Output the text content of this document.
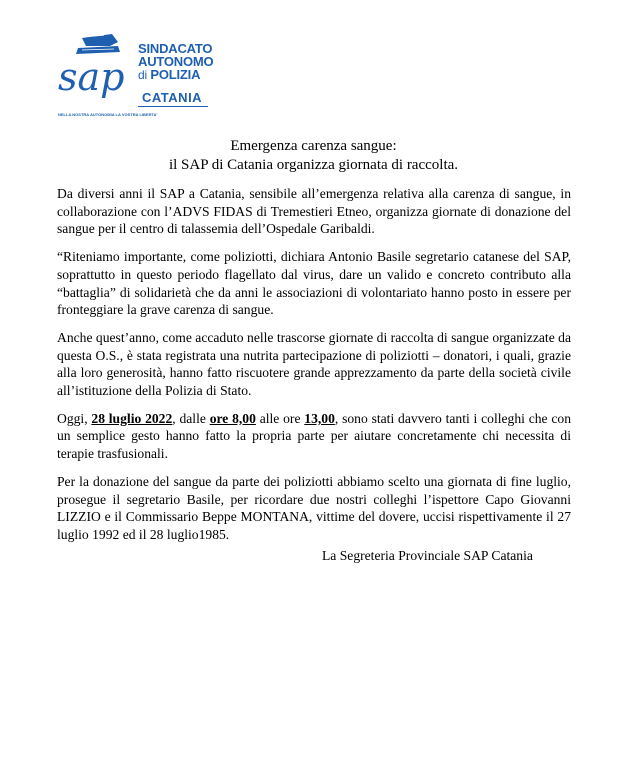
sap
SINDACATO
AUTONOMO
di POLIZIA
CATANIA
NELLA NOSTRA AUTONOMIA LA VOSTRA LIBERTA'
Emergenza carenza sangue:
il SAP di Catania organizza giornata di raccolta.

Da diversi anni il SAP a Catania, sensibile all’emergenza relativa alla carenza di sangue, in collaborazione con l’ADVS FIDAS di Tremestieri Etneo, organizza giornate di donazione del sangue per il centro di talassemia dell’Ospedale Garibaldi.

“Riteniamo importante, come poliziotti, dichiara Antonio Basile segretario catanese del SAP, soprattutto in questo periodo flagellato dal virus, dare un valido e concreto contributo alla “battaglia” di solidarietà che da anni le associazioni di volontariato hanno posto in essere per fronteggiare la grave carenza di sangue.

Anche quest’anno, come accaduto nelle trascorse giornate di raccolta di sangue organizzate da questa O.S., è stata registrata una nutrita partecipazione di poliziotti – donatori, i quali, grazie alla loro generosità, hanno fatto riscuotere grande apprezzamento da parte della società civile all’istituzione della Polizia di Stato.

Oggi, 28 luglio 2022, dalle ore 8,00 alle ore 13,00, sono stati davvero tanti i colleghi che con un semplice gesto hanno fatto la propria parte per aiutare concretamente chi necessita di terapie trasfusionali.

Per la donazione del sangue da parte dei poliziotti abbiamo scelto una giornata di fine luglio, prosegue il segretario Basile, per ricordare due nostri colleghi l’ispettore Capo Giovanni LIZZIO e il Commissario Beppe MONTANA, vittime del dovere, uccisi rispettivamente il 27 luglio 1992 ed il 28 luglio1985.

La Segreteria Provinciale SAP Catania
